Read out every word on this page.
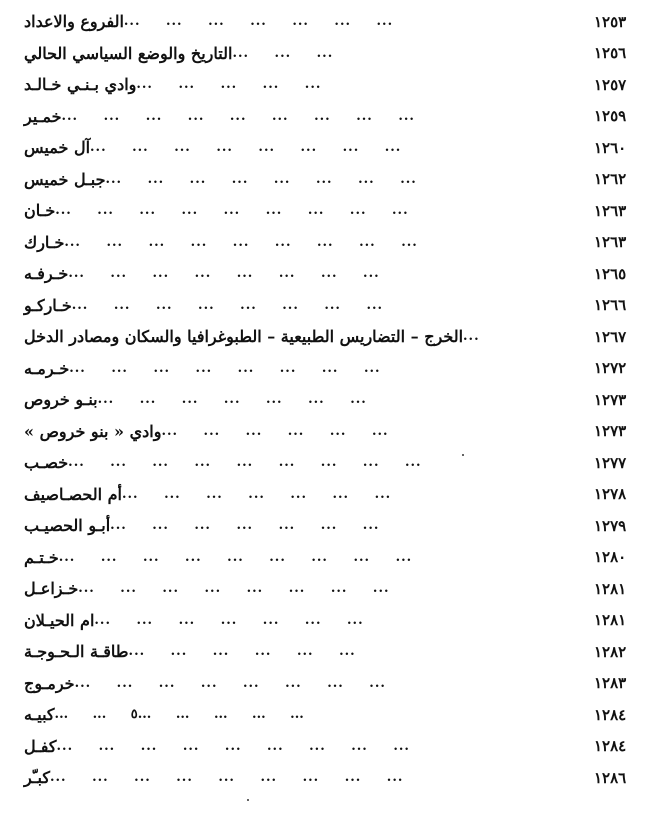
الفروع والاعداد ... ... ... ... ... ... ...	١٢٥٣
التاريخ والوضع السياسي الحالي ... ... ...	١٢٥٦
وادي بـنـي خـالـد ... ... ... ... ...	١٢٥٧
خمـير ... ... ... ... ... ... ... ... ...	١٢٥٩
آل خميس ... ... ... ... ... ... ... ...	١٢٦٠
جبـل خميس ... ... ... ... ... ... ... ...	١٢٦٢
خـان ... ... ... ... ... ... ... ... ...	١٢٦٣
خـارك ... ... ... ... ... ... ... ... ...	١٢٦٣
خـرفـه ... ... ... ... ... ... ... ...	١٢٦٥
خـاركـو ... ... ... ... ... ... ... ...	١٢٦٦
الخرج – التضاريس الطبيعية – الطبوغرافيا والسكان ومصادر الدخل ...	١٢٦٧
خـرمـه ... ... ... ... ... ... ... ...	١٢٧٢
بنـو خروص ... ... ... ... ... ... ...	١٢٧٣
وادي « بنو خروص » ... ... ... ... ... ...	١٢٧٣
خصـب ... ... ... ... ... ... ... ... ...	١٢٧٧
أم الحصـاصيف ... ... ... ... ... ... ...	١٢٧٨
أبـو الحصيـب ... ... ... ... ... ... ...	١٢٧٩
خـتـم ... ... ... ... ... ... ... ... ...	١٢٨٠
خـزاعـل ... ... ... ... ... ... ... ...	١٢٨١
ام الحيـلان ... ... ... ... ... ... ...	١٢٨١
طاقـة الـحـوجـة ... ... ... ... ... ...	١٢٨٢
خرمـوج ... ... ... ... ... ... ... ...	١٢٨٣
كبيـه ... ... ... ... ...٥ ... ...	١٢٨٤
كفـل ... ... ... ... ... ... ... ... ...	١٢٨٤
كبـّر ... ... ... ... ... ... ... ... ...	١٢٨٦
